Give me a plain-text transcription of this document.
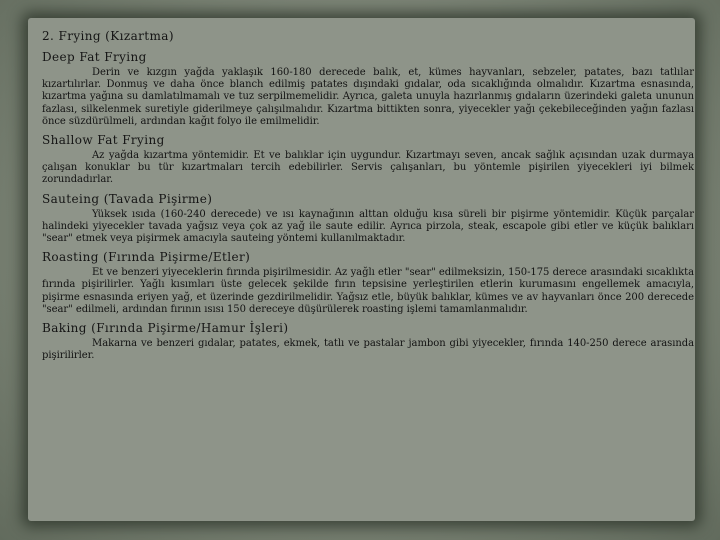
2. Frying (Kızartma)
Deep Fat Frying

Derin ve kızgın yağda yaklaşık 160-180 derecede balık, et, kümes hayvanları, sebzeler, patates, bazı tatlılar kızartılırlar. Donmuş ve daha önce blanch edilmiş patates dışındaki gıdalar, oda sıcaklığında olmalıdır. Kızartma esnasında, kızartma yağına su damlatılmamalı ve tuz serpilmemelidir. Ayrıca, galeta unuyla hazırlanmış gıdaların üzerindeki galeta ununun fazlası, silkelenmek suretiyle giderilmeye çalışılmalıdır. Kızartma bittikten sonra, yiyecekler yağı çekebileceğinden yağın fazlası önce süzdürülmeli, ardından kağıt folyo ile emilmelidir.

Shallow Fat Frying

Az yağda kızartma yöntemidir. Et ve balıklar için uygundur. Kızartmayı seven, ancak sağlık açısından uzak durmaya çalışan konuklar bu tür kızartmaları tercih edebilirler. Servis çalışanları, bu yöntemle pişirilen yiyecekleri iyi bilmek zorundadırlar.

Sauteing (Tavada Pişirme)

Yüksek ısıda (160-240 derecede) ve ısı kaynağının alttan olduğu kısa süreli bir pişirme yöntemidir. Küçük parçalar halindeki yiyecekler tavada yağsız veya çok az yağ ile saute edilir. Ayrıca pirzola, steak, escapole gibi etler ve küçük balıkları "sear" etmek veya pişirmek amacıyla sauteing yöntemi kullanılmaktadır.

Roasting (Fırında Pişirme/Etler)

Et ve benzeri yiyeceklerin fırında pişirilmesidir. Az yağlı etler "sear" edilmeksizin, 150-175 derece arasındaki sıcaklıkta fırında pişirilirler. Yağlı kısımları üste gelecek şekilde fırın tepsisine yerleştirilen etlerin kurumasını engellemek amacıyla, pişirme esnasında eriyen yağ, et üzerinde gezdirilmelidir. Yağsız etle, büyük balıklar, kümes ve av hayvanları önce 200 derecede "sear" edilmeli, ardından fırının ısısı 150 dereceye düşürülerek roasting işlemi tamamlanmalıdır.

Baking (Fırında Pişirme/Hamur İşleri)

Makarna ve benzeri gıdalar, patates, ekmek, tatlı ve pastalar jambon gibi yiyecekler, fırında 140-250 derece arasında pişirilirler.
